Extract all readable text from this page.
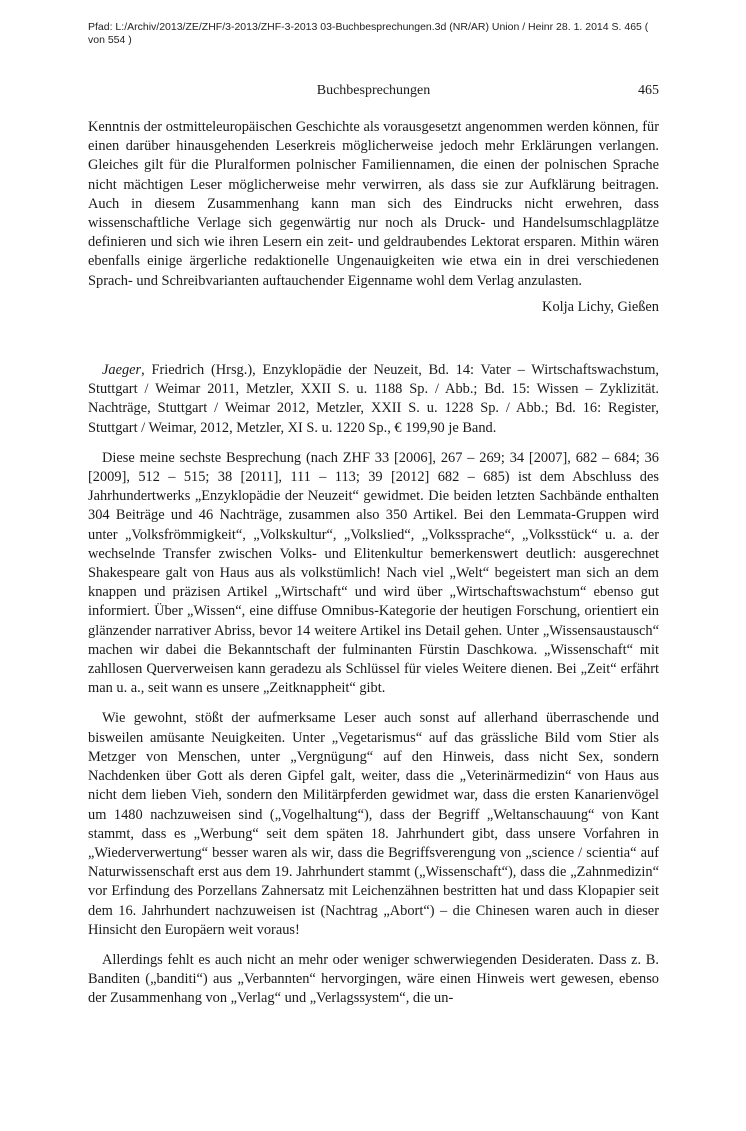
Pfad: L:/Archiv/2013/ZE/ZHF/3-2013/ZHF-3-2013 03-Buchbesprechungen.3d (NR/AR) Union / Heinr 28. 1. 2014 S. 465 ( von 554 )
Buchbesprechungen	465

Kenntnis der ostmitteleuropäischen Geschichte als vorausgesetzt angenommen werden können, für einen darüber hinausgehenden Leserkreis möglicherweise jedoch mehr Erklärungen verlangen. Gleiches gilt für die Pluralformen polnischer Familiennamen, die einen der polnischen Sprache nicht mächtigen Leser möglicherweise mehr verwirren, als dass sie zur Aufklärung beitragen. Auch in diesem Zusammenhang kann man sich des Eindrucks nicht erwehren, dass wissenschaftliche Verlage sich gegenwärtig nur noch als Druck- und Handelsumschlagplätze definieren und sich wie ihren Lesern ein zeit- und geldraubendes Lektorat ersparen. Mithin wären ebenfalls einige ärgerliche redaktionelle Ungenauigkeiten wie etwa ein in drei verschiedenen Sprach- und Schreibvarianten auftauchender Eigenname wohl dem Verlag anzulasten.

Kolja Lichy, Gießen

Jaeger, Friedrich (Hrsg.), Enzyklopädie der Neuzeit, Bd. 14: Vater – Wirtschaftswachstum, Stuttgart / Weimar 2011, Metzler, XXII S. u. 1188 Sp. / Abb.; Bd. 15: Wissen – Zyklizität. Nachträge, Stuttgart / Weimar 2012, Metzler, XXII S. u. 1228 Sp. / Abb.; Bd. 16: Register, Stuttgart / Weimar, 2012, Metzler, XI S. u. 1220 Sp., € 199,90 je Band.

Diese meine sechste Besprechung (nach ZHF 33 [2006], 267 – 269; 34 [2007], 682 – 684; 36 [2009], 512 – 515; 38 [2011], 111 – 113; 39 [2012] 682 – 685) ist dem Abschluss des Jahrhundertwerks „Enzyklopädie der Neuzeit“ gewidmet. Die beiden letzten Sachbände enthalten 304 Beiträge und 46 Nachträge, zusammen also 350 Artikel. Bei den Lemmata-Gruppen wird unter „Volksfrömmigkeit“, „Volkskultur“, „Volkslied“, „Volkssprache“, „Volksstück“ u. a. der wechselnde Transfer zwischen Volks- und Elitenkultur bemerkenswert deutlich: ausgerechnet Shakespeare galt von Haus aus als volkstümlich! Nach viel „Welt“ begeistert man sich an dem knappen und präzisen Artikel „Wirtschaft“ und wird über „Wirtschaftswachstum“ ebenso gut informiert. Über „Wissen“, eine diffuse Omnibus-Kategorie der heutigen Forschung, orientiert ein glänzender narrativer Abriss, bevor 14 weitere Artikel ins Detail gehen. Unter „Wissensaustausch“ machen wir dabei die Bekanntschaft der fulminanten Fürstin Daschkowa. „Wissenschaft“ mit zahllosen Querverweisen kann geradezu als Schlüssel für vieles Weitere dienen. Bei „Zeit“ erfährt man u. a., seit wann es unsere „Zeitknappheit“ gibt.

Wie gewohnt, stößt der aufmerksame Leser auch sonst auf allerhand überraschende und bisweilen amüsante Neuigkeiten. Unter „Vegetarismus“ auf das grässliche Bild vom Stier als Metzger von Menschen, unter „Vergnügung“ auf den Hinweis, dass nicht Sex, sondern Nachdenken über Gott als deren Gipfel galt, weiter, dass die „Veterinärmedizin“ von Haus aus nicht dem lieben Vieh, sondern den Militärpferden gewidmet war, dass die ersten Kanarienvögel um 1480 nachzuweisen sind („Vogelhaltung“), dass der Begriff „Weltanschauung“ von Kant stammt, dass es „Werbung“ seit dem späten 18. Jahrhundert gibt, dass unsere Vorfahren in „Wiederverwertung“ besser waren als wir, dass die Begriffsverengung von „science / scientia“ auf Naturwissenschaft erst aus dem 19. Jahrhundert stammt („Wissenschaft“), dass die „Zahnmedizin“ vor Erfindung des Porzellans Zahnersatz mit Leichenzähnen bestritten hat und dass Klopapier seit dem 16. Jahrhundert nachzuweisen ist (Nachtrag „Abort“) – die Chinesen waren auch in dieser Hinsicht den Europäern weit voraus!

Allerdings fehlt es auch nicht an mehr oder weniger schwerwiegenden Desideraten. Dass z. B. Banditen („banditi“) aus „Verbannten“ hervorgingen, wäre einen Hinweis wert gewesen, ebenso der Zusammenhang von „Verlag“ und „Verlagssystem“, die un-
